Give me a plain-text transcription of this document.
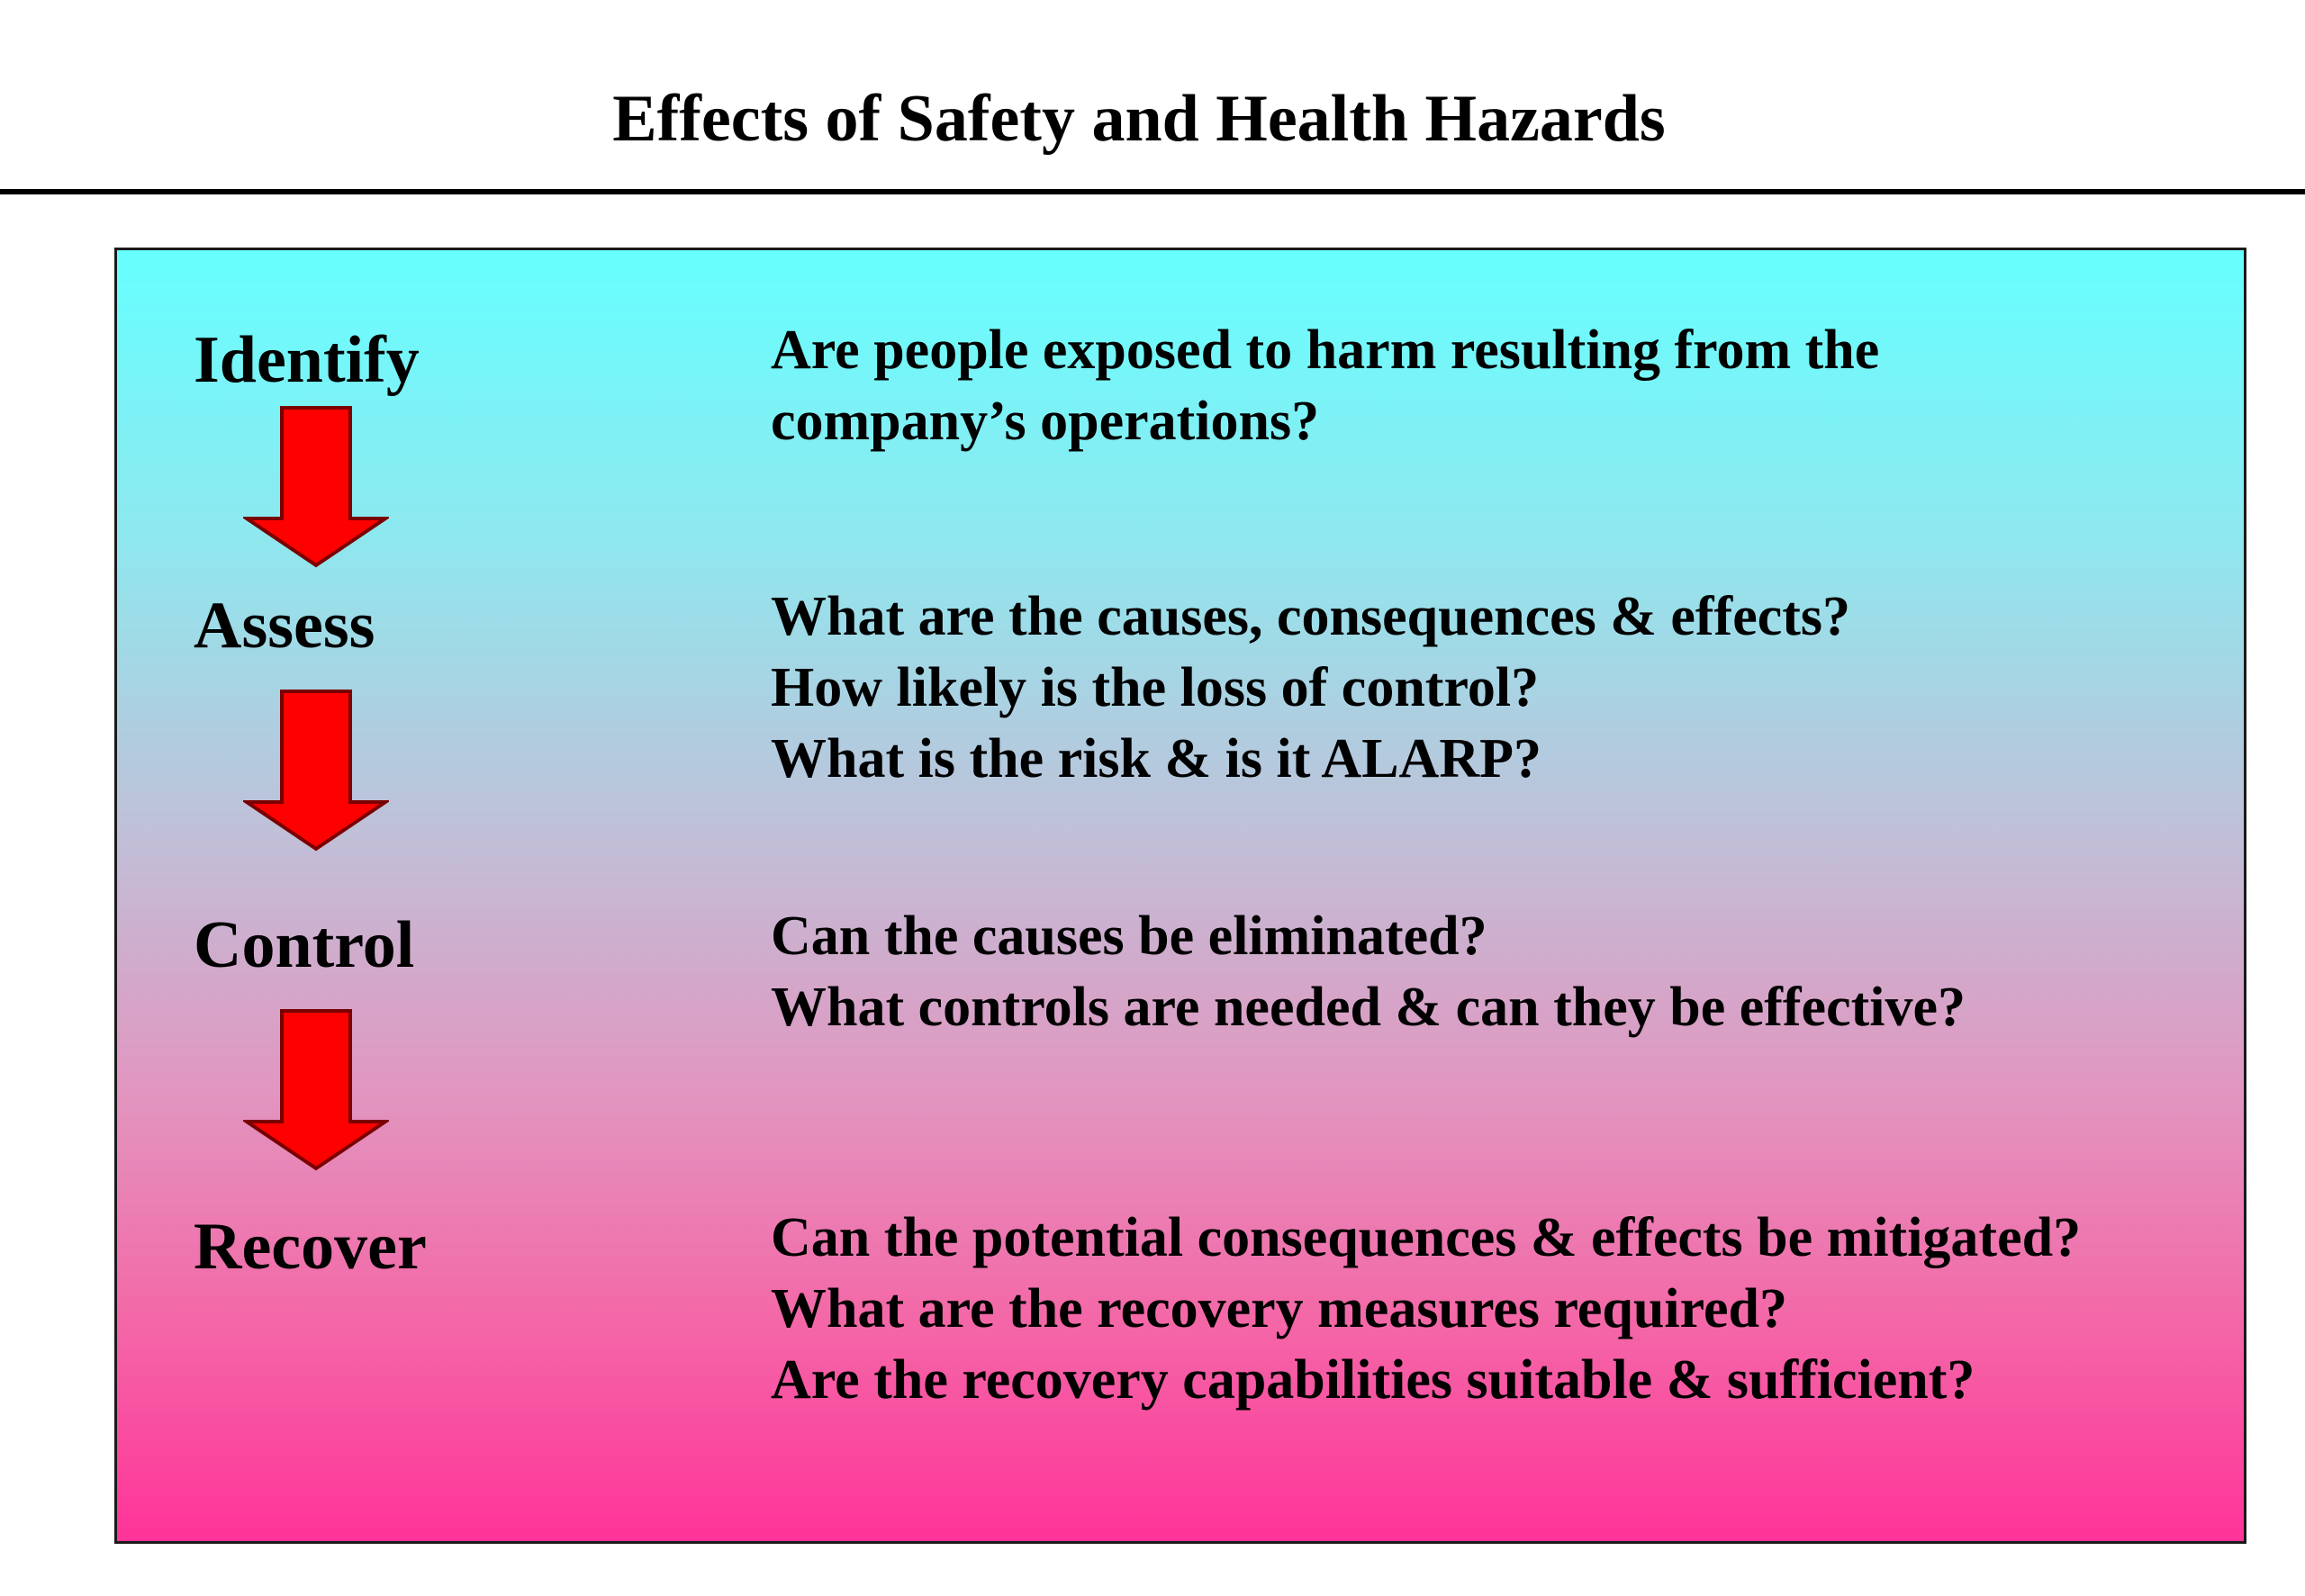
Effects of Safety and Health Hazards
Identify
Assess
Control
Recover
Are people exposed to harm resulting from the
company’s operations?
What are the causes, consequences & effects?
How likely is the loss of control?
What is the risk & is it ALARP?
Can the causes be eliminated?
What controls are needed & can they be effective?
Can the potential consequences & effects be mitigated?
What are the recovery measures required?
Are the recovery capabilities suitable & sufficient?
